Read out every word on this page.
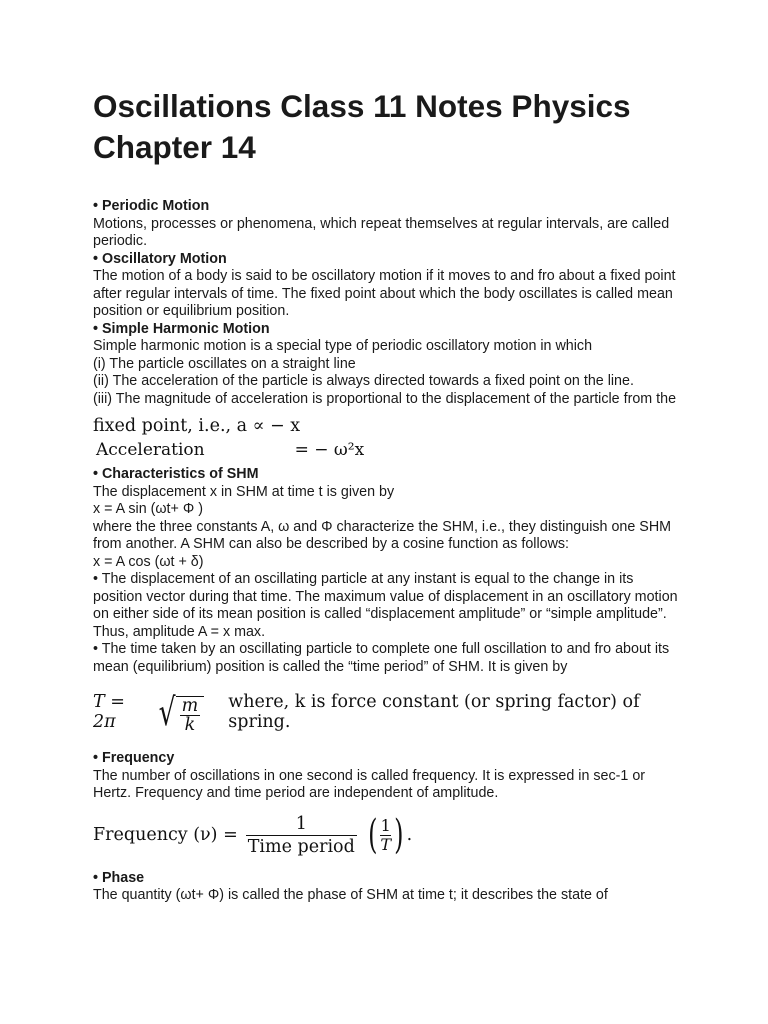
Oscillations Class 11 Notes Physics Chapter 14

• Periodic Motion

Motions, processes or phenomena, which repeat themselves at regular intervals, are called periodic.

• Oscillatory Motion

The motion of a body is said to be oscillatory motion if it moves to and fro about a fixed point after regular intervals of time. The fixed point about which the body oscillates is called mean position or equilibrium position.

• Simple Harmonic Motion

Simple harmonic motion is a special type of periodic oscillatory motion in which

(i) The particle oscillates on a straight line

(ii) The acceleration of the particle is always directed towards a fixed point on the line.

(iii) The magnitude of acceleration is proportional to the displacement of the particle from the

fixed point, i.e., a ∝ − x

Acceleration	= − ω²x

• Characteristics of SHM

The displacement x in SHM at time t is given by

x = A sin (ωt+ Φ )

where the three constants A, ω and Φ characterize the SHM, i.e., they distinguish one SHM from another. A SHM can also be described by a cosine function as follows:

x = A cos (ωt + δ)

• The displacement of an oscillating particle at any instant is equal to the change in its position vector during that time. The maximum value of displacement in an oscillatory motion on either side of its mean position is called “displacement amplitude” or “simple amplitude”.

Thus, amplitude A = x max.

• The time taken by an oscillating particle to complete one full oscillation to and fro about its mean (equilibrium) position is called the “time period” of SHM. It is given by

T = 2π	√ $\frac{m}{k}$ where, k is force constant (or spring factor) of spring.

• Frequency

The number of oscillations in one second is called frequency. It is expressed in sec-1 or Hertz. Frequency and time period are independent of amplitude.

Frequency $(\nu) = \frac{1}{\text{Time period}}$ ( $\frac{1}{T}$ ) .

• Phase

The quantity (ωt+ Φ) is called the phase of SHM at time t; it describes the state of
